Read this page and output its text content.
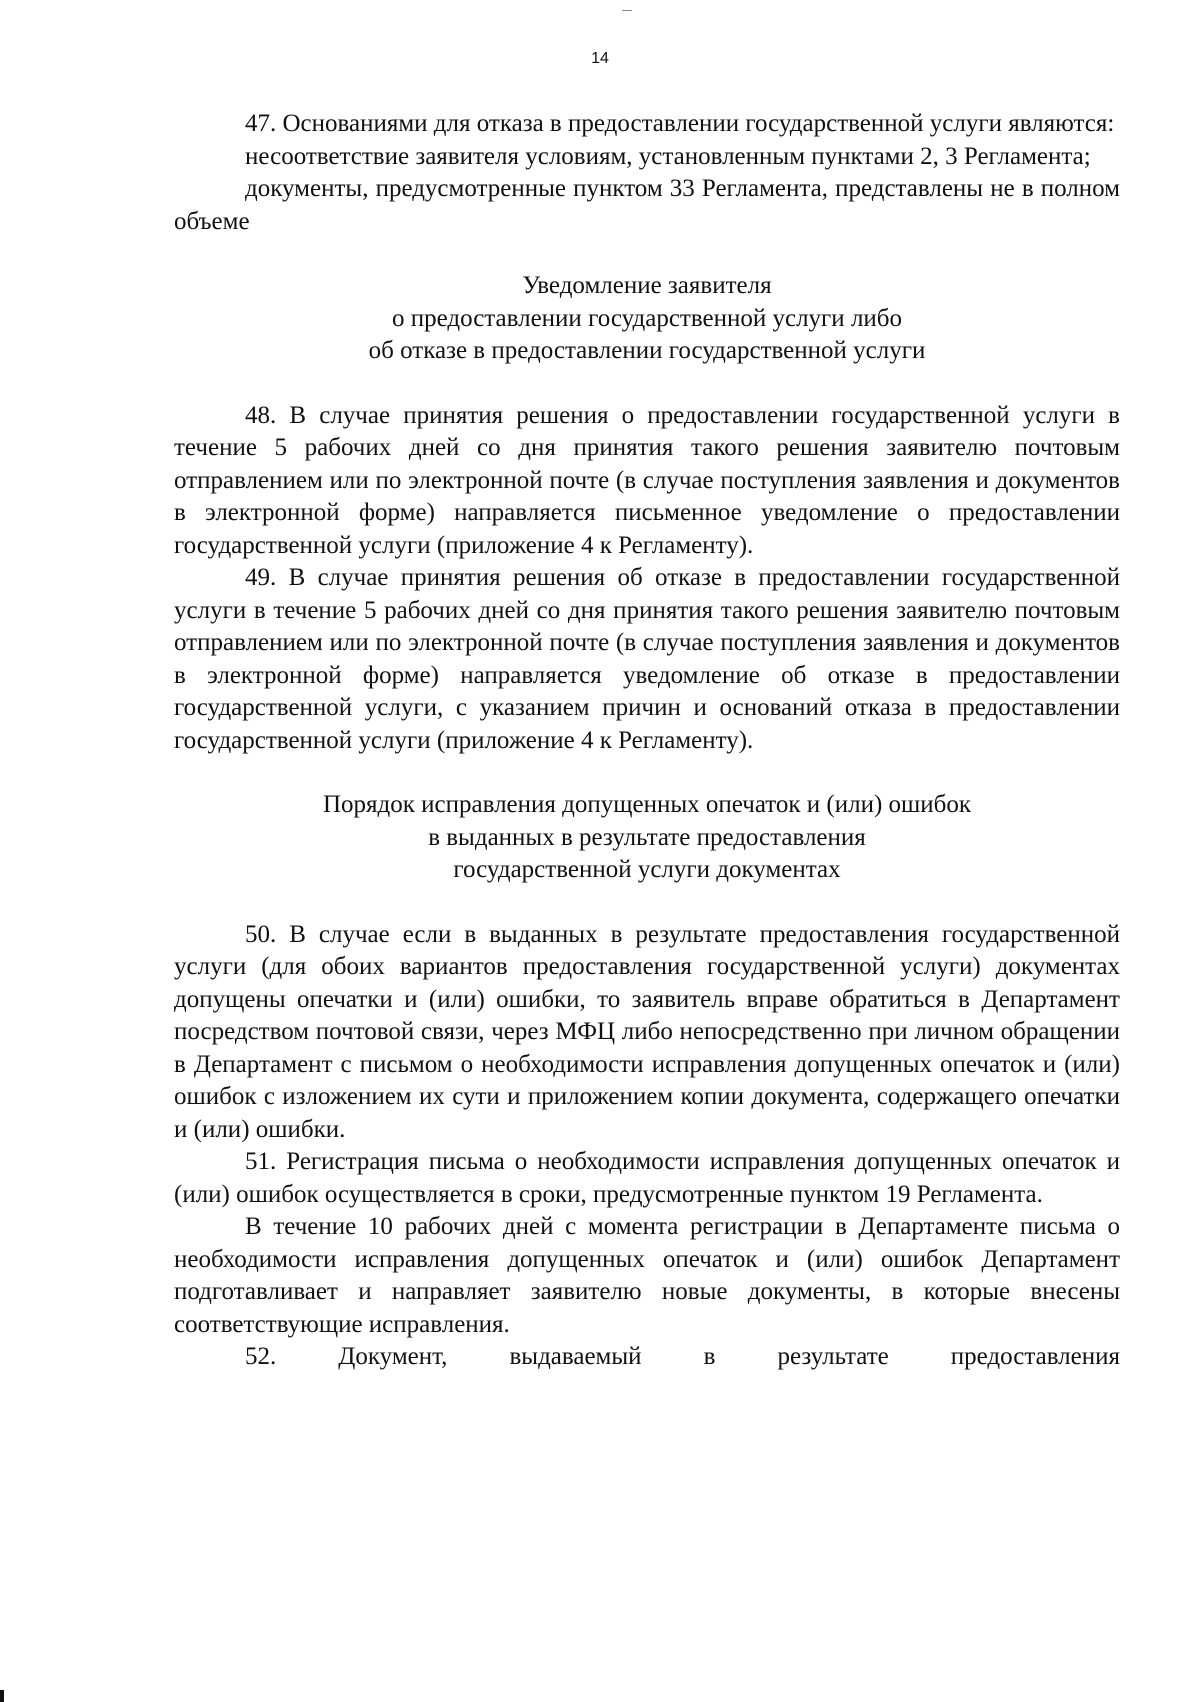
14

47. Основаниями для отказа в предоставлении государственной услуги являются:

несоответствие заявителя условиям, установленным пунктами 2, 3 Регламента;

документы, предусмотренные пунктом 33 Регламента, представлены не в полном объеме

Уведомление заявителя
о предоставлении государственной услуги либо
об отказе в предоставлении государственной услуги

48. В случае принятия решения о предоставлении государственной услуги в течение 5 рабочих дней со дня принятия такого решения заявителю почтовым отправлением или по электронной почте (в случае поступления заявления и документов в электронной форме) направляется письменное уведомление о предоставлении государственной услуги (приложение 4 к Регламенту).

49. В случае принятия решения об отказе в предоставлении государственной услуги в течение 5 рабочих дней со дня принятия такого решения заявителю почтовым отправлением или по электронной почте (в случае поступления заявления и документов в электронной форме) направляется уведомление об отказе в предоставлении государственной услуги, с указанием причин и оснований отказа в предоставлении государственной услуги (приложение 4 к Регламенту).

Порядок исправления допущенных опечаток и (или) ошибок
в выданных в результате предоставления
государственной услуги документах

50. В случае если в выданных в результате предоставления государственной услуги (для обоих вариантов предоставления государственной услуги) документах допущены опечатки и (или) ошибки, то заявитель вправе обратиться в Департамент посредством почтовой связи, через МФЦ либо непосредственно при личном обращении в Департамент с письмом о необходимости исправления допущенных опечаток и (или) ошибок с изложением их сути и приложением копии документа, содержащего опечатки и (или) ошибки.

51. Регистрация письма о необходимости исправления допущенных опечаток и (или) ошибок осуществляется в сроки, предусмотренные пунктом 19 Регламента.

В течение 10 рабочих дней с момента регистрации в Департаменте письма о необходимости исправления допущенных опечаток и (или) ошибок Департамент подготавливает и направляет заявителю новые документы, в которые внесены соответствующие исправления.

52. Документ, выдаваемый в результате предоставления
